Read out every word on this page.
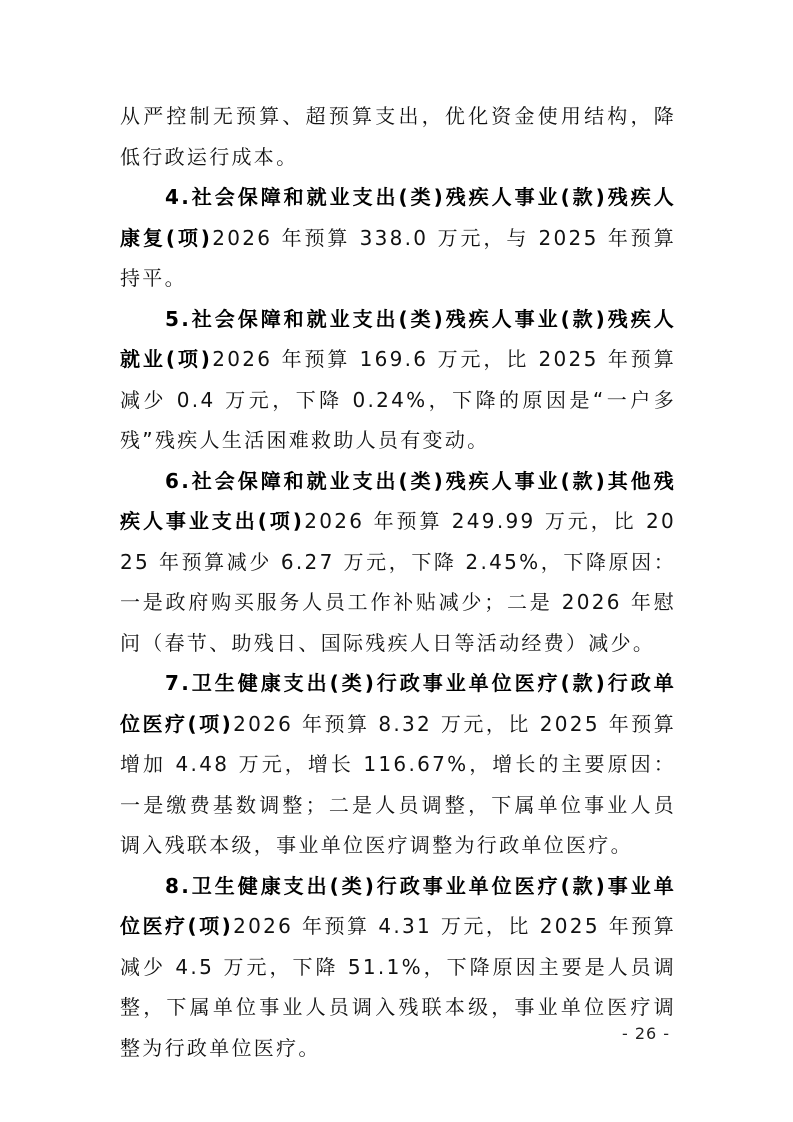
从严控制无预算、超预算支出，优化资金使用结构，降低行政运行成本。

4.社会保障和就业支出(类)残疾人事业(款)残疾人康复(项)2026 年预算 338.0 万元，与 2025 年预算持平。

5.社会保障和就业支出(类)残疾人事业(款)残疾人就业(项)2026 年预算 169.6 万元，比 2025 年预算减少 0.4 万元，下降 0.24%，下降的原因是“一户多残”残疾人生活困难救助人员有变动。

6.社会保障和就业支出(类)残疾人事业(款)其他残疾人事业支出(项)2026 年预算 249.99 万元，比 2025 年预算减少 6.27 万元，下降 2.45%，下降原因：一是政府购买服务人员工作补贴减少；二是 2026 年慰问（春节、助残日、国际残疾人日等活动经费）减少。

7.卫生健康支出(类)行政事业单位医疗(款)行政单位医疗(项)2026 年预算 8.32 万元，比 2025 年预算增加 4.48 万元，增长 116.67%，增长的主要原因：一是缴费基数调整；二是人员调整，下属单位事业人员调入残联本级，事业单位医疗调整为行政单位医疗。

8.卫生健康支出(类)行政事业单位医疗(款)事业单位医疗(项)2026 年预算 4.31 万元，比 2025 年预算减少 4.5 万元，下降 51.1%，下降原因主要是人员调整，下属单位事业人员调入残联本级，事业单位医疗调整为行政单位医疗。

- 26 -
